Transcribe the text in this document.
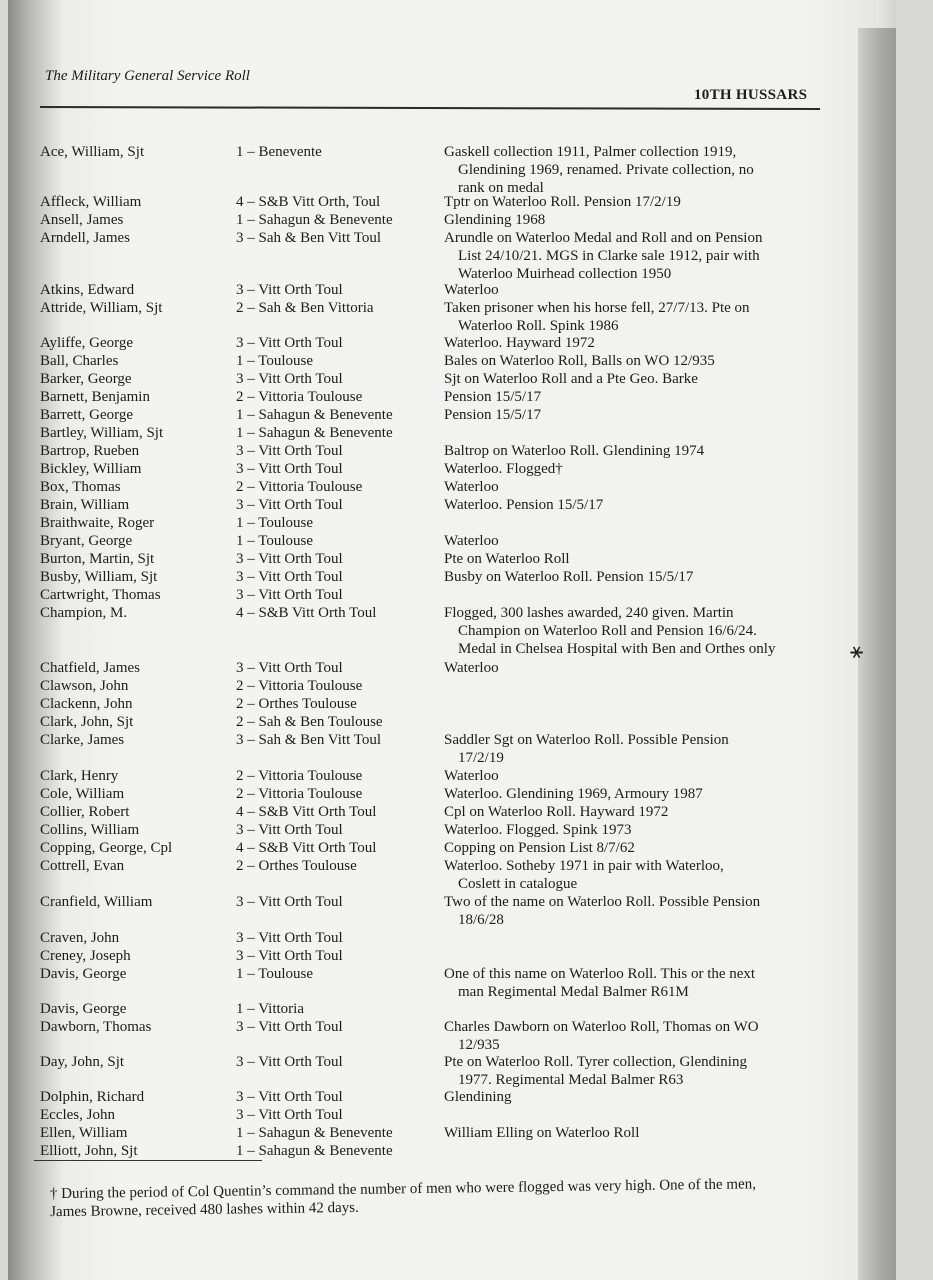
The Military General Service Roll
10TH HUSSARS
Ace, William, Sjt	1 – Benevente	Gaskell collection 1911, Palmer collection 1919,
Glendining 1969, renamed. Private collection, no
rank on medal
Affleck, William	4 – S&B Vitt Orth, Toul	Tptr on Waterloo Roll. Pension 17/2/19
Ansell, James	1 – Sahagun & Benevente	Glendining 1968
Arndell, James	3 – Sah & Ben Vitt Toul	Arundle on Waterloo Medal and Roll and on Pension
List 24/10/21. MGS in Clarke sale 1912, pair with
Waterloo Muirhead collection 1950
Atkins, Edward	3 – Vitt Orth Toul	Waterloo
Attride, William, Sjt	2 – Sah & Ben Vittoria	Taken prisoner when his horse fell, 27/7/13. Pte on
Waterloo Roll. Spink 1986
Ayliffe, George	3 – Vitt Orth Toul	Waterloo. Hayward 1972
Ball, Charles	1 – Toulouse	Bales on Waterloo Roll, Balls on WO 12/935
Barker, George	3 – Vitt Orth Toul	Sjt on Waterloo Roll and a Pte Geo. Barke
Barnett, Benjamin	2 – Vittoria Toulouse	Pension 15/5/17
Barrett, George	1 – Sahagun & Benevente	Pension 15/5/17
Bartley, William, Sjt	1 – Sahagun & Benevente
Bartrop, Rueben	3 – Vitt Orth Toul	Baltrop on Waterloo Roll. Glendining 1974
Bickley, William	3 – Vitt Orth Toul	Waterloo. Flogged†
Box, Thomas	2 – Vittoria Toulouse	Waterloo
Brain, William	3 – Vitt Orth Toul	Waterloo. Pension 15/5/17
Braithwaite, Roger	1 – Toulouse
Bryant, George	1 – Toulouse	Waterloo
Burton, Martin, Sjt	3 – Vitt Orth Toul	Pte on Waterloo Roll
Busby, William, Sjt	3 – Vitt Orth Toul	Busby on Waterloo Roll. Pension 15/5/17
Cartwright, Thomas	3 – Vitt Orth Toul
Champion, M.	4 – S&B Vitt Orth Toul	Flogged, 300 lashes awarded, 240 given. Martin
Champion on Waterloo Roll and Pension 16/6/24.
Medal in Chelsea Hospital with Ben and Orthes only
Chatfield, James	3 – Vitt Orth Toul	Waterloo
Clawson, John	2 – Vittoria Toulouse
Clackenn, John	2 – Orthes Toulouse
Clark, John, Sjt	2 – Sah & Ben Toulouse
Clarke, James	3 – Sah & Ben Vitt Toul	Saddler Sgt on Waterloo Roll. Possible Pension
17/2/19
Clark, Henry	2 – Vittoria Toulouse	Waterloo
Cole, William	2 – Vittoria Toulouse	Waterloo. Glendining 1969, Armoury 1987
Collier, Robert	4 – S&B Vitt Orth Toul	Cpl on Waterloo Roll. Hayward 1972
Collins, William	3 – Vitt Orth Toul	Waterloo. Flogged. Spink 1973
Copping, George, Cpl	4 – S&B Vitt Orth Toul	Copping on Pension List 8/7/62
Cottrell, Evan	2 – Orthes Toulouse	Waterloo. Sotheby 1971 in pair with Waterloo,
Coslett in catalogue
Cranfield, William	3 – Vitt Orth Toul	Two of the name on Waterloo Roll. Possible Pension
18/6/28
Craven, John	3 – Vitt Orth Toul
Creney, Joseph	3 – Vitt Orth Toul
Davis, George	1 – Toulouse	One of this name on Waterloo Roll. This or the next
man Regimental Medal Balmer R61M
Davis, George	1 – Vittoria
Dawborn, Thomas	3 – Vitt Orth Toul	Charles Dawborn on Waterloo Roll, Thomas on WO
12/935
Day, John, Sjt	3 – Vitt Orth Toul	Pte on Waterloo Roll. Tyrer collection, Glendining
1977. Regimental Medal Balmer R63
Dolphin, Richard	3 – Vitt Orth Toul	Glendining
Eccles, John	3 – Vitt Orth Toul
Ellen, William	1 – Sahagun & Benevente	William Elling on Waterloo Roll
Elliott, John, Sjt	1 – Sahagun & Benevente
⚹
† During the period of Col Quentin’s command the number of men who were flogged was very high. One of the men, James Browne, received 480 lashes within 42 days.
